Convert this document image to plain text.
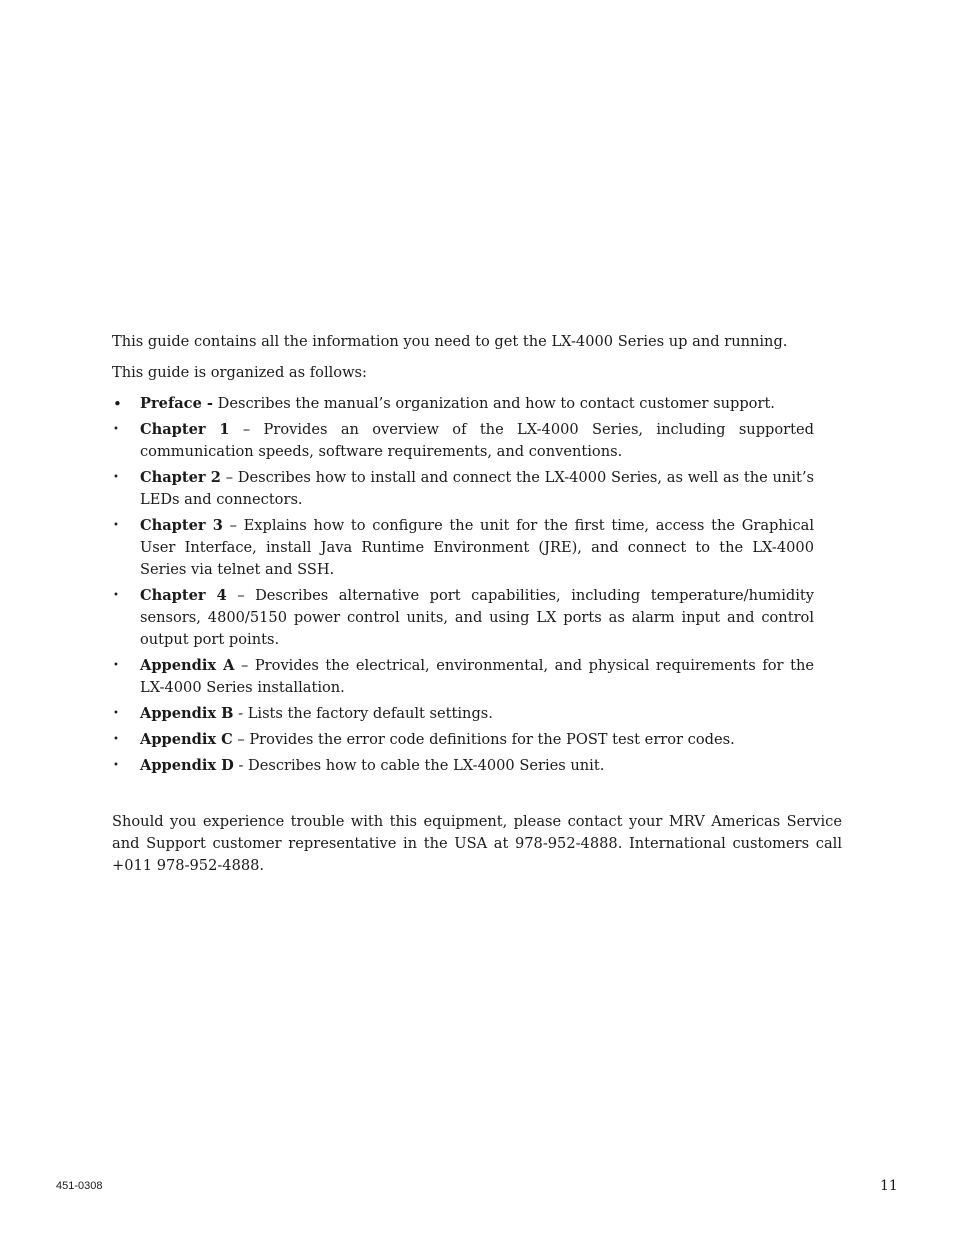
This guide contains all the information you need to get the LX-4000 Series up and running.

This guide is organized as follows:

• Preface - Describes the manual’s organization and how to contact customer support.
• Chapter 1 – Provides an overview of the LX-4000 Series, including supported communication speeds, software requirements, and conventions.
• Chapter 2 – Describes how to install and connect the LX-4000 Series, as well as the unit’s LEDs and connectors.
• Chapter 3 – Explains how to configure the unit for the first time, access the Graphical User Interface, install Java Runtime Environment (JRE), and connect to the LX-4000 Series via telnet and SSH.
• Chapter 4 – Describes alternative port capabilities, including temperature/humidity sensors, 4800/5150 power control units, and using LX ports as alarm input and control output port points.
• Appendix A – Provides the electrical, environmental, and physical requirements for the LX-4000 Series installation.
• Appendix B - Lists the factory default settings.
• Appendix C – Provides the error code definitions for the POST test error codes.
• Appendix D - Describes how to cable the LX-4000 Series unit.

Should you experience trouble with this equipment, please contact your MRV Americas Service and Support customer representative in the USA at 978-952-4888. International customers call +011 978-952-4888.

451-0308	11
